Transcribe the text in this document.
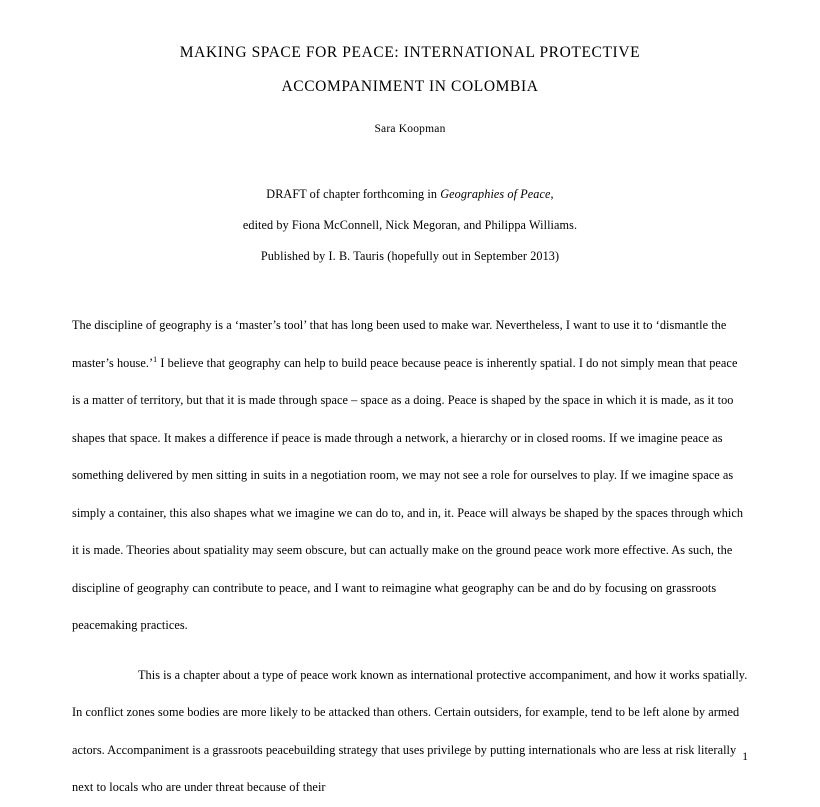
MAKING SPACE FOR PEACE: INTERNATIONAL PROTECTIVE
ACCOMPANIMENT IN COLOMBIA
Sara Koopman
DRAFT of chapter forthcoming in Geographies of Peace,
edited by Fiona McConnell, Nick Megoran, and Philippa Williams.
Published by I. B. Tauris (hopefully out in September 2013)

The discipline of geography is a ‘master’s tool’ that has long been used to make war. Nevertheless, I want to use it to ‘dismantle the master’s house.’$^1$ I believe that geography can help to build peace because peace is inherently spatial. I do not simply mean that peace is a matter of territory, but that it is made through space – space as a doing. Peace is shaped by the space in which it is made, as it too shapes that space. It makes a difference if peace is made through a network, a hierarchy or in closed rooms. If we imagine peace as something delivered by men sitting in suits in a negotiation room, we may not see a role for ourselves to play. If we imagine space as simply a container, this also shapes what we imagine we can do to, and in, it. Peace will always be shaped by the spaces through which it is made. Theories about spatiality may seem obscure, but can actually make on the ground peace work more effective. As such, the discipline of geography can contribute to peace, and I want to reimagine what geography can be and do by focusing on grassroots peacemaking practices.

This is a chapter about a type of peace work known as international protective accompaniment, and how it works spatially. In conflict zones some bodies are more likely to be attacked than others. Certain outsiders, for example, tend to be left alone by armed actors. Accompaniment is a grassroots peacebuilding strategy that uses privilege by putting internationals who are less at risk literally next to locals who are under threat because of their

1
